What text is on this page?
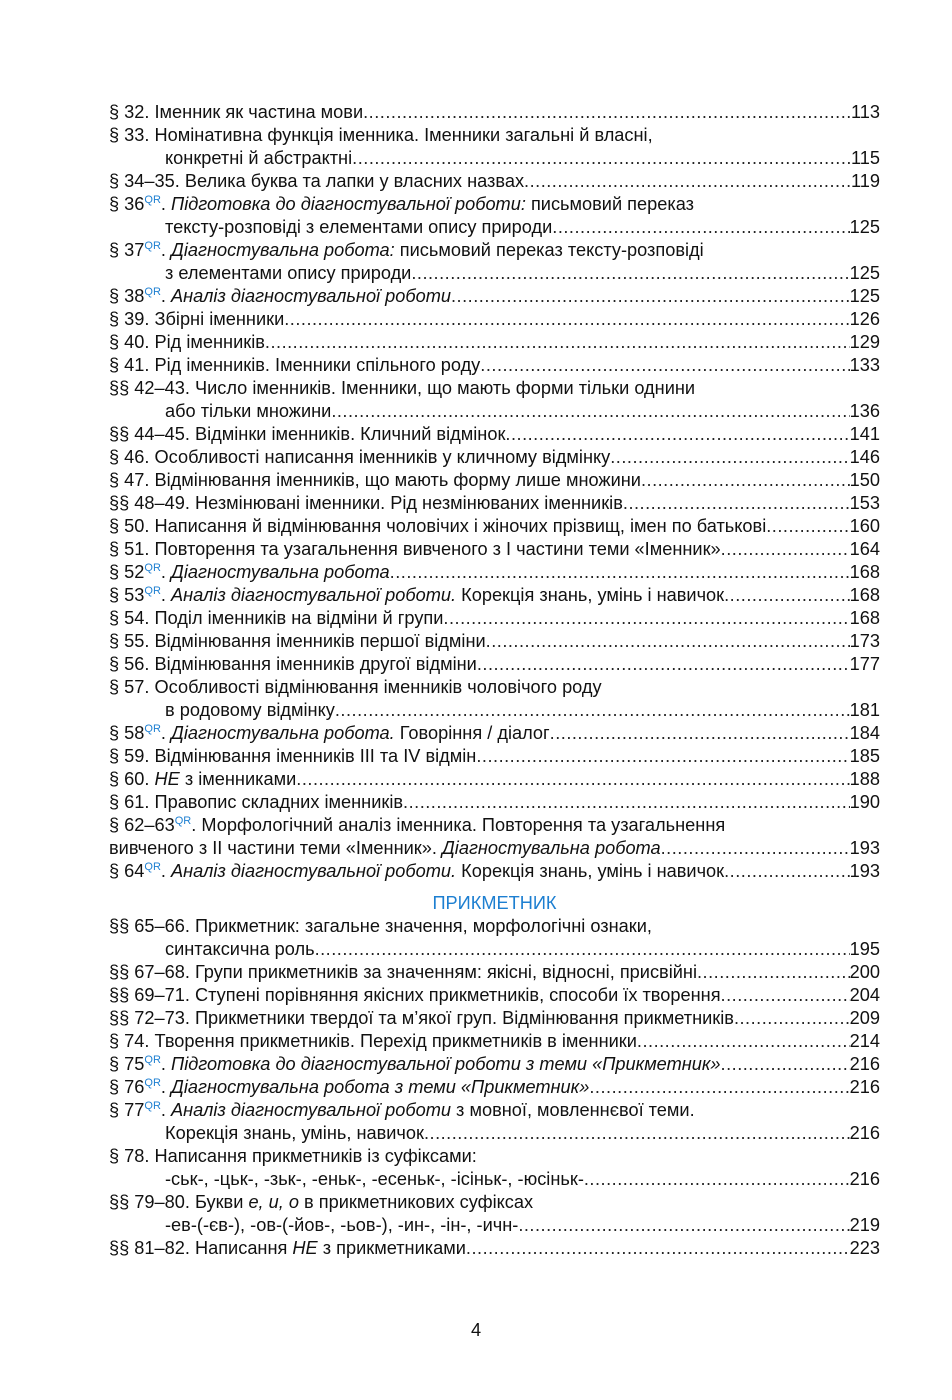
§ 32. Іменник як частина мови .....	113
§ 33. Номінативна функція іменника. Іменники загальні й власні,
конкретні й абстрактні .....	115
§ 34–35. Велика буква та лапки у власних назвах .....	119
§ $36^{QR}$. Підготовка до діагностувальної роботи: письмовий переказ
тексту-розповіді з елементами опису природи .....	125
§ $37^{QR}$. Діагностувальна робота: письмовий переказ тексту-розповіді
з елементами опису природи .....	125
§ $38^{QR}$. Аналіз діагностувальної роботи .....	125
§ 39. Збірні іменники .....	126
§ 40. Рід іменників .....	129
§ 41. Рід іменників. Іменники спільного роду .....	133
§§ 42–43. Число іменників. Іменники, що мають форми тільки однини
або тільки множини .....	136
§§ 44–45. Відмінки іменників. Кличний відмінок .....	141
§ 46. Особливості написання іменників у кличному відмінку .....	146
§ 47. Відмінювання іменників, що мають форму лише множини .....	150
§§ 48–49. Незмінювані іменники. Рід незмінюваних іменників .....	153
§ 50. Написання й відмінювання чоловічих і жіночих прізвищ, імен по батькові .....	160
§ 51. Повторення та узагальнення вивченого з І частини теми «Іменник» .....	164
§ $52^{QR}$. Діагностувальна робота .....	168
§ $53^{QR}$. Аналіз діагностувальної роботи. Корекція знань, умінь і навичок .....	168
§ 54. Поділ іменників на відміни й групи .....	168
§ 55. Відмінювання іменників першої відміни .....	173
§ 56. Відмінювання іменників другої відміни .....	177
§ 57. Особливості відмінювання іменників чоловічого роду
в родовому відмінку .....	181
§ $58^{QR}$. Діагностувальна робота. Говоріння / діалог .....	184
§ 59. Відмінювання іменників ІІІ та IV відмін .....	185
§ 60. НЕ з іменниками .....	188
§ 61. Правопис складних іменників .....	190
§ $62-63^{QR}$. Морфологічний аналіз іменника. Повторення та узагальнення
вивченого з ІІ частини теми «Іменник». Діагностувальна робота .....	193
§ $64^{QR}$. Аналіз діагностувальної роботи. Корекція знань, умінь і навичок .....	193
ПРИКМЕТНИК
§§ 65–66. Прикметник: загальне значення, морфологічні ознаки,
синтаксична роль .....	195
§§ 67–68. Групи прикметників за значенням: якісні, відносні, присвійні .....	200
§§ 69–71. Ступені порівняння якісних прикметників, способи їх творення .....	204
§§ 72–73. Прикметники твердої та м’якої груп. Відмінювання прикметників .....	209
§ 74. Творення прикметників. Перехід прикметників в іменники .....	214
§ $75^{QR}$. Підготовка до діагностувальної роботи з теми «Прикметник» .....	216
§ $76^{QR}$. Діагностувальна робота з теми «Прикметник» .....	216
§ $77^{QR}$. Аналіз діагностувальної роботи з мовної, мовленнєвої теми.
Корекція знань, умінь, навичок .....	216
§ 78. Написання прикметників із суфіксами:
-ськ-, -цьк-, -зьк-, -еньк-, -есеньк-, -ісіньк-, -юсіньк- .....	216
§§ 79–80. Букви е, и, о в прикметникових суфіксах
-ев-(-єв-), -ов-(-йов-, -ьов-), -ин-, -ін-, -ичн- .....	219
§§ 81–82. Написання НЕ з прикметниками .....	223
4
